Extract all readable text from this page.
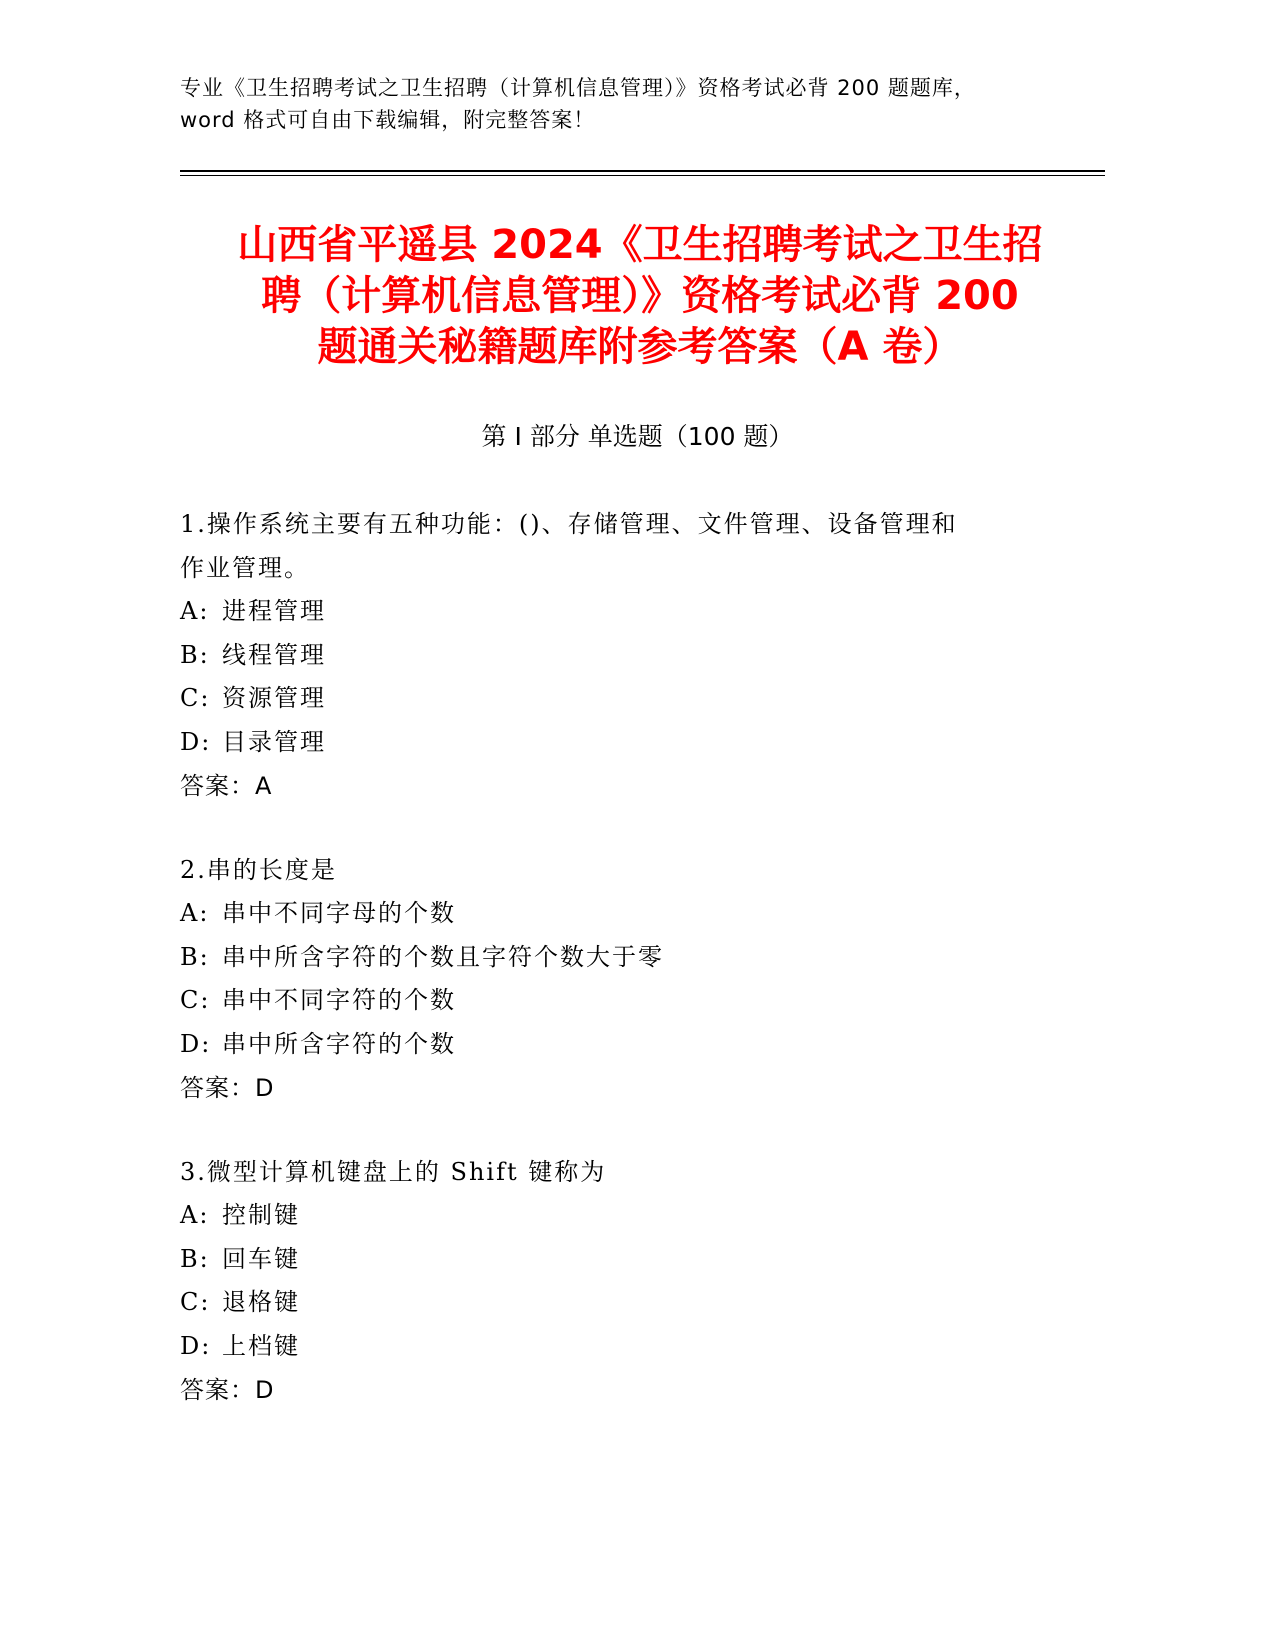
专业《卫生招聘考试之卫生招聘（计算机信息管理）》资格考试必背 200 题题库，
word 格式可自由下载编辑，附完整答案！
山西省平遥县 2024《卫生招聘考试之卫生招
聘（计算机信息管理）》资格考试必背 200
题通关秘籍题库附参考答案（A 卷）
第 I 部分 单选题（100 题）
1.操作系统主要有五种功能：()、存储管理、文件管理、设备管理和
作业管理。
A: 进程管理
B: 线程管理
C: 资源管理
D: 目录管理
答案：A
2.串的长度是
A: 串中不同字母的个数
B: 串中所含字符的个数且字符个数大于零
C: 串中不同字符的个数
D: 串中所含字符的个数
答案：D
3.微型计算机键盘上的 Shift 键称为
A: 控制键
B: 回车键
C: 退格键
D: 上档键
答案：D
